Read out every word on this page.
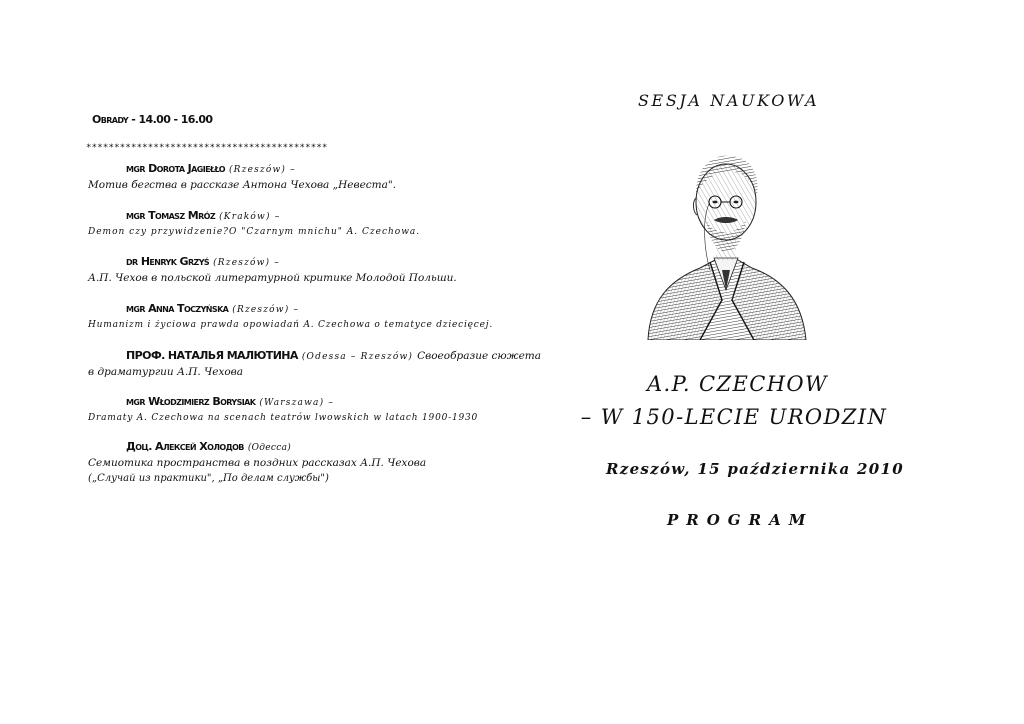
Obrady - 14.00 - 16.00
*******************************************
mgr Dorota Jagiełło (Rzeszów) –
Мотив бегства в рассказе Антона Чехова „Невеста".
mgr Tomasz Mróz (Kraków) –
Demon czy przywidzenie?O "Czarnym mnichu" A. Czechowa.
dr Henryk Grzyś (Rzeszów) –
А.П. Чехов в польской литературной критике Молодой Польши.
mgr Anna Toczyńska (Rzeszów) –
Humanizm i życiowa prawda opowiadań A. Czechowa o tematyce dziecięcej.
ПРОФ. НАТАЛЬЯ МАЛЮТИНА (Odessa – Rzeszów) Своеобразие сюжета
в драматургии А.П. Чехова
mgr Włodzimierz Borysiak (Warszawa) –
Dramaty A. Czechowa na scenach teatrów lwowskich w latach 1900-1930
Доц. Алексей Холодов (Одесса)
Семиотика пространства в поздних рассказах А.П. Чехова
(„Случай из практики", „По делам службы")
SESJA NAUKOWA
A.P. CZECHOW
– W 150-LECIE URODZIN
Rzeszów, 15 października 2010
PROGRAM
